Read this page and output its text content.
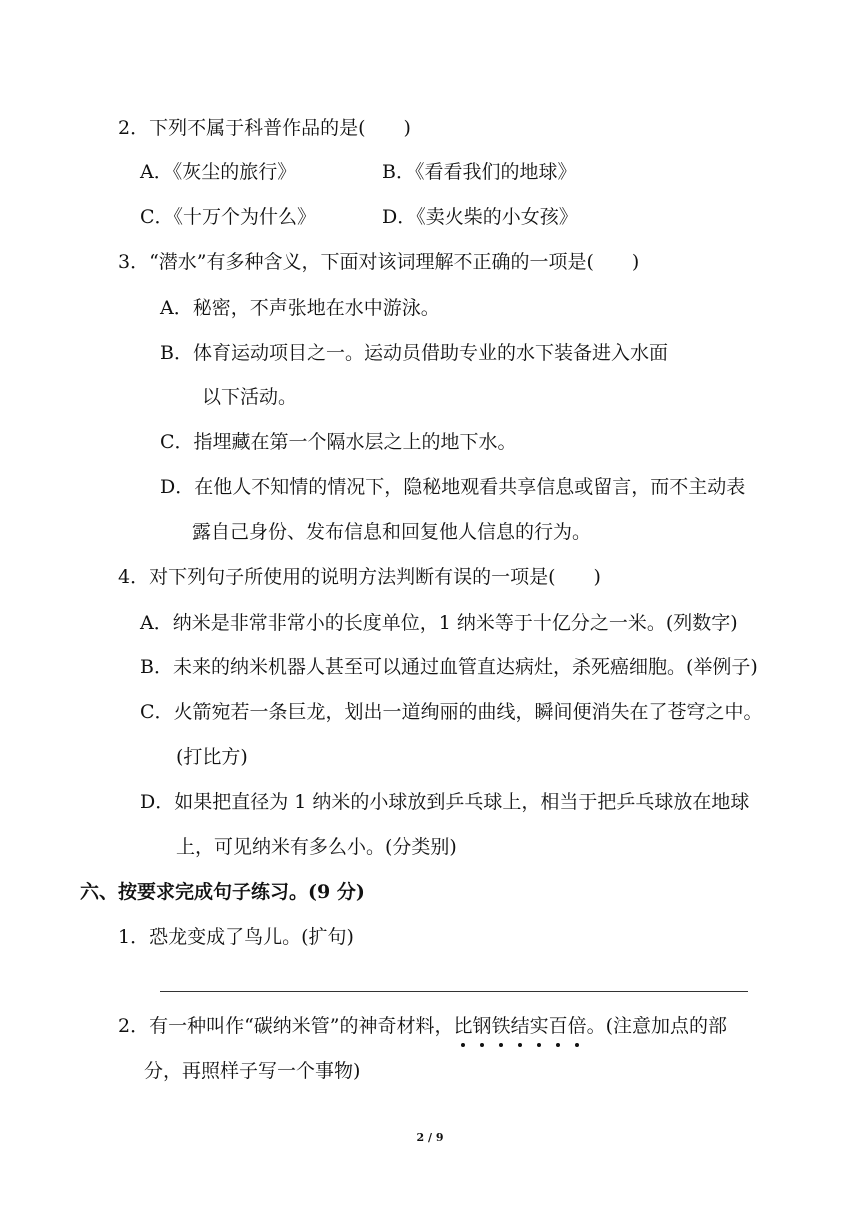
2．下列不属于科普作品的是(　　)
A．《灰尘的旅行》	B．《看看我们的地球》
C．《十万个为什么》	D．《卖火柴的小女孩》
3．“潜水”有多种含义，下面对该词理解不正确的一项是(　　)
A．秘密，不声张地在水中游泳。
B．体育运动项目之一。运动员借助专业的水下装备进入水面
以下活动。
C．指埋藏在第一个隔水层之上的地下水。
D．在他人不知情的情况下，隐秘地观看共享信息或留言，而不主动表
露自己身份、发布信息和回复他人信息的行为。
4．对下列句子所使用的说明方法判断有误的一项是(　　)
A．纳米是非常非常小的长度单位，1 纳米等于十亿分之一米。(列数字)
B．未来的纳米机器人甚至可以通过血管直达病灶，杀死癌细胞。(举例子)
C．火箭宛若一条巨龙，划出一道绚丽的曲线，瞬间便消失在了苍穹之中。
(打比方)
D．如果把直径为 1 纳米的小球放到乒乓球上，相当于把乒乓球放在地球
上，可见纳米有多么小。(分类别)
六、按要求完成句子练习。(9 分)
1．恐龙变成了鸟儿。(扩句)
2．有一种叫作“碳纳米管”的神奇材料，比钢铁结实百倍。(注意加点的部
分，再照样子写一个事物)
2 / 9
